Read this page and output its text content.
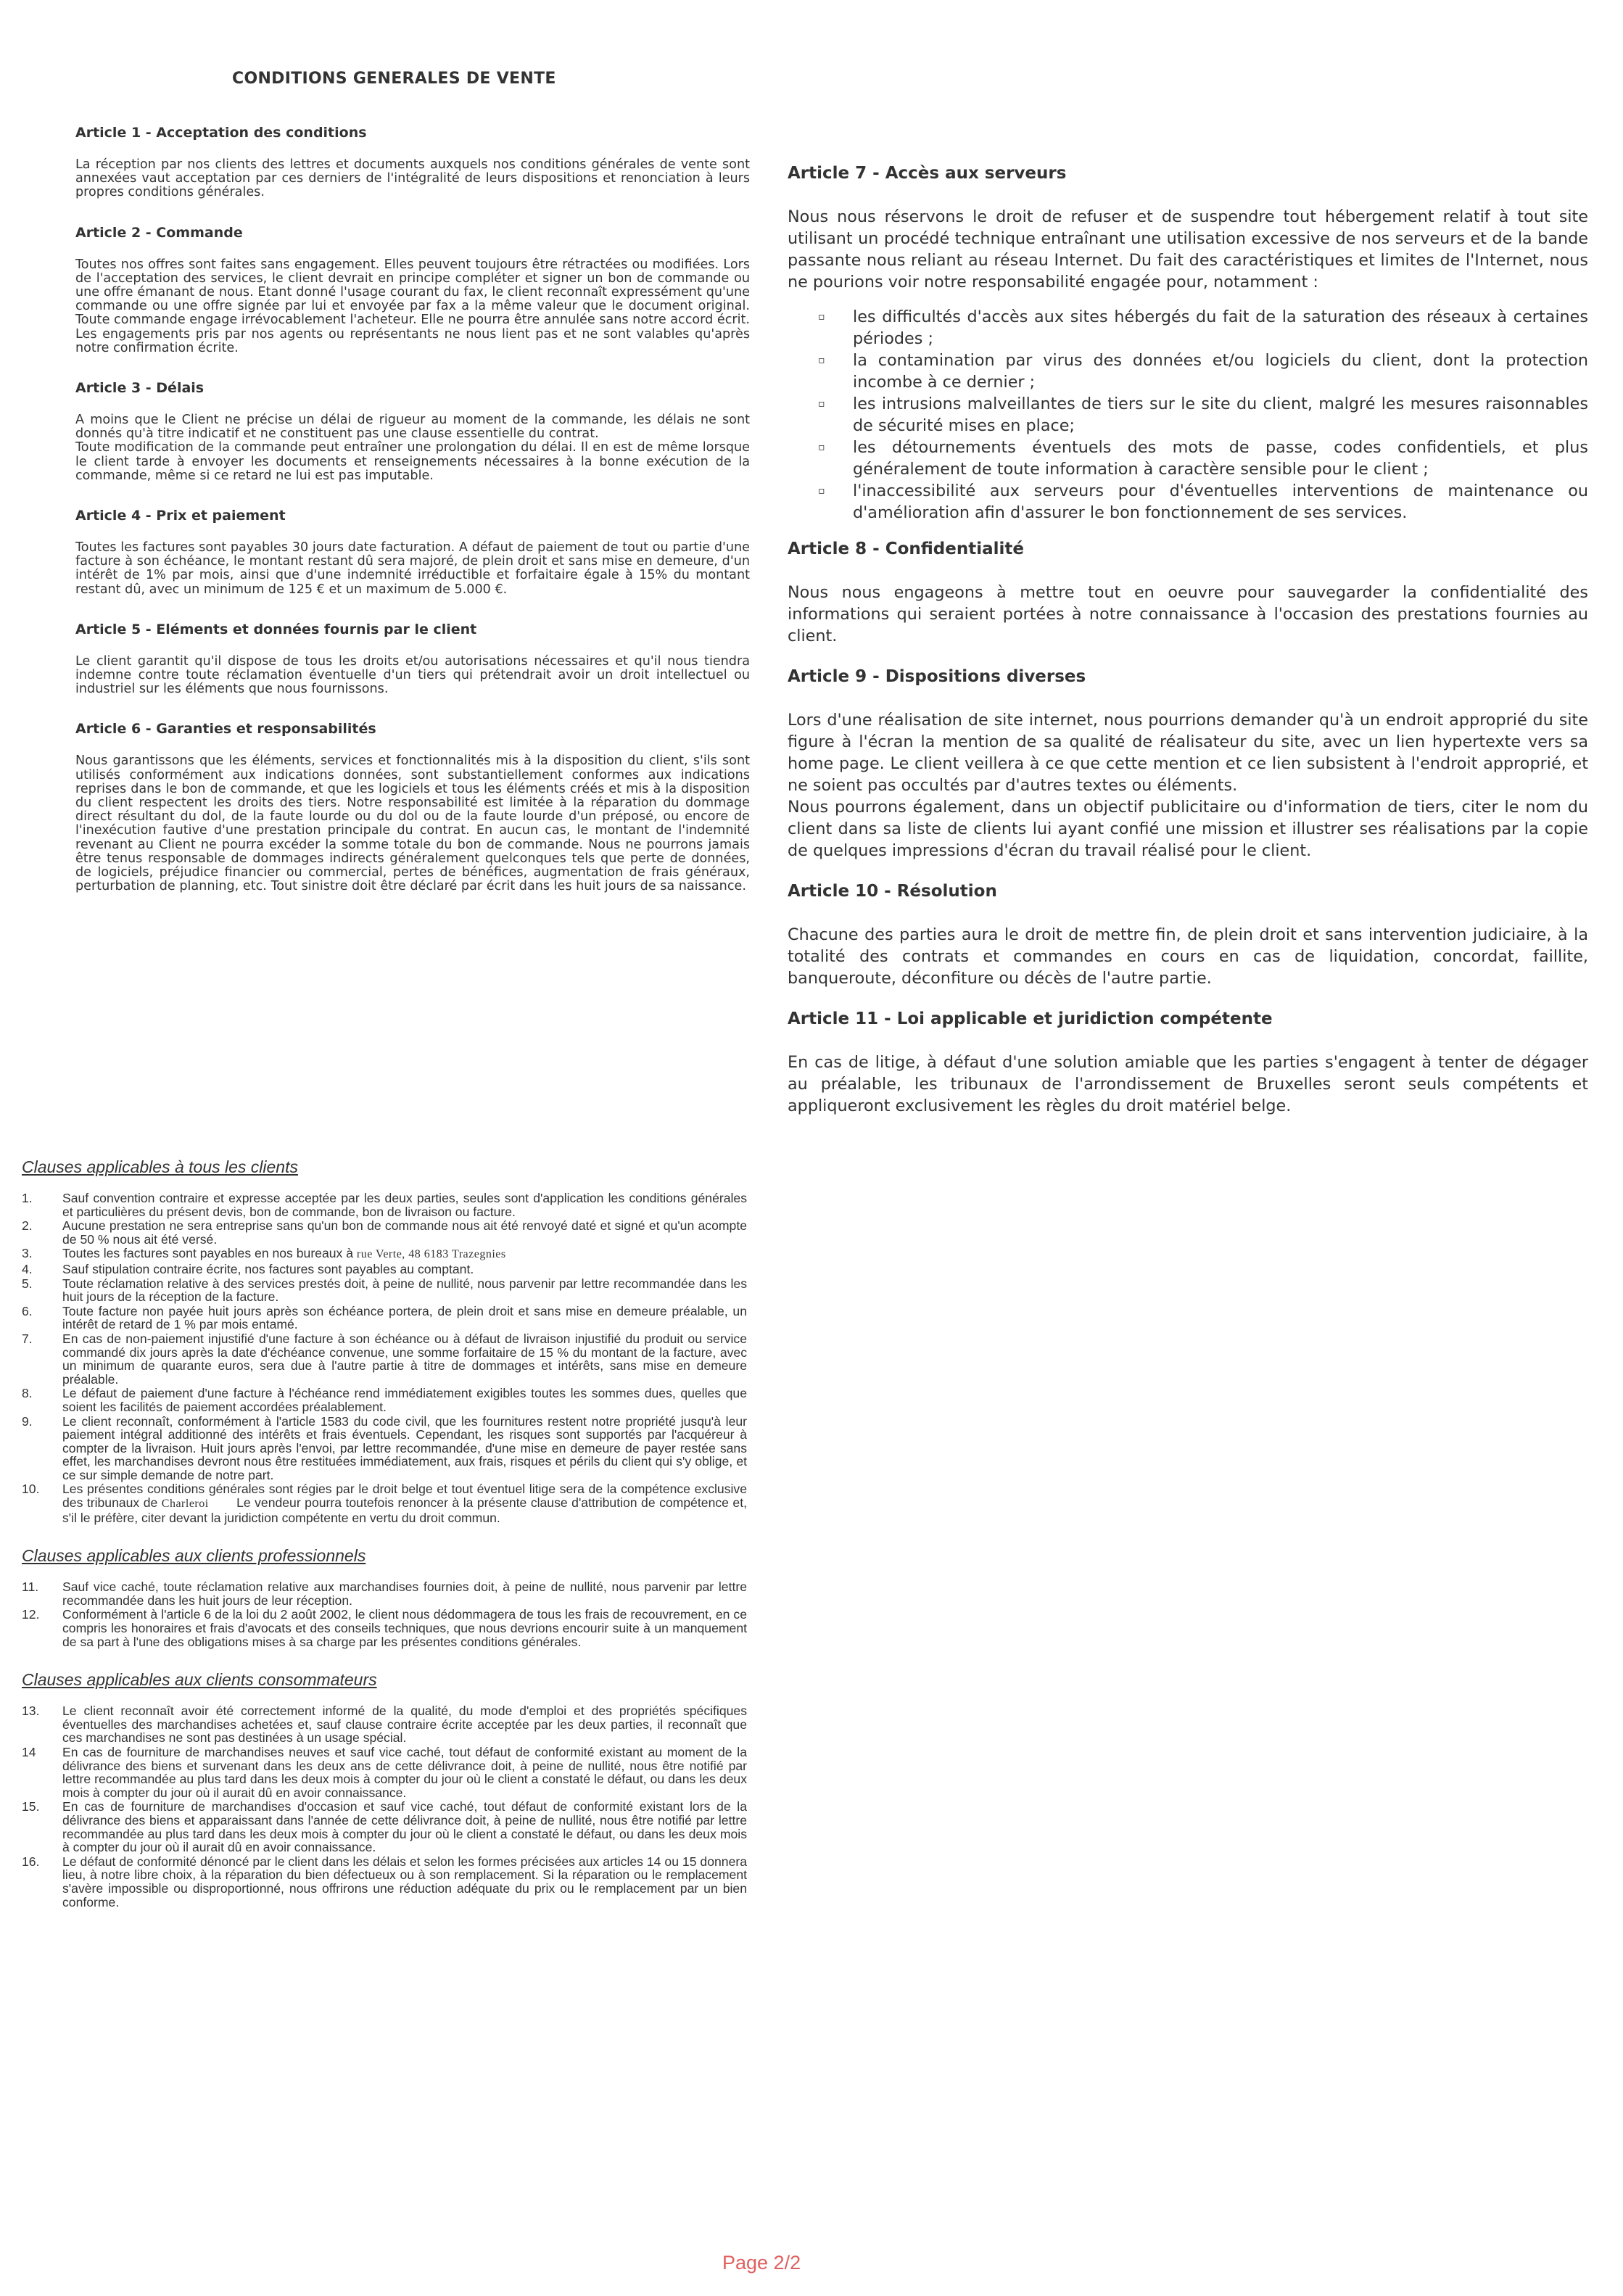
CONDITIONS GENERALES DE VENTE
Article 1 - Acceptation des conditions

La réception par nos clients des lettres et documents auxquels nos conditions générales de vente sont annexées vaut acceptation par ces derniers de l'intégralité de leurs dispositions et renonciation à leurs propres conditions générales.

Article 2 - Commande

Toutes nos offres sont faites sans engagement. Elles peuvent toujours être rétractées ou modifiées. Lors de l'acceptation des services, le client devrait en principe compléter et signer un bon de commande ou une offre émanant de nous. Etant donné l'usage courant du fax, le client reconnaît expressément qu'une commande ou une offre signée par lui et envoyée par fax a la même valeur que le document original. Toute commande engage irrévocablement l'acheteur. Elle ne pourra être annulée sans notre accord écrit. Les engagements pris par nos agents ou représentants ne nous lient pas et ne sont valables qu'après notre confirmation écrite.

Article 3 - Délais

A moins que le Client ne précise un délai de rigueur au moment de la commande, les délais ne sont donnés qu'à titre indicatif et ne constituent pas une clause essentielle du contrat.

Toute modification de la commande peut entraîner une prolongation du délai. Il en est de même lorsque le client tarde à envoyer les documents et renseignements nécessaires à la bonne exécution de la commande, même si ce retard ne lui est pas imputable.

Article 4 - Prix et paiement

Toutes les factures sont payables 30 jours date facturation. A défaut de paiement de tout ou partie d'une facture à son échéance, le montant restant dû sera majoré, de plein droit et sans mise en demeure, d'un intérêt de 1% par mois, ainsi que d'une indemnité irréductible et forfaitaire égale à 15% du montant restant dû, avec un minimum de 125 € et un maximum de 5.000 €.

Article 5 - Eléments et données fournis par le client

Le client garantit qu'il dispose de tous les droits et/ou autorisations nécessaires et qu'il nous tiendra indemne contre toute réclamation éventuelle d'un tiers qui prétendrait avoir un droit intellectuel ou industriel sur les éléments que nous fournissons.

Article 6 - Garanties et responsabilités

Nous garantissons que les éléments, services et fonctionnalités mis à la disposition du client, s'ils sont utilisés conformément aux indications données, sont substantiellement conformes aux indications reprises dans le bon de commande, et que les logiciels et tous les éléments créés et mis à la disposition du client respectent les droits des tiers. Notre responsabilité est limitée à la réparation du dommage direct résultant du dol, de la faute lourde ou du dol ou de la faute lourde d'un préposé, ou encore de l'inexécution fautive d'une prestation principale du contrat. En aucun cas, le montant de l'indemnité revenant au Client ne pourra excéder la somme totale du bon de commande. Nous ne pourrons jamais être tenus responsable de dommages indirects généralement quelconques tels que perte de données, de logiciels, préjudice financier ou commercial, pertes de bénéfices, augmentation de frais généraux, perturbation de planning, etc. Tout sinistre doit être déclaré par écrit dans les huit jours de sa naissance.

Article 7 - Accès aux serveurs

Nous nous réservons le droit de refuser et de suspendre tout hébergement relatif à tout site utilisant un procédé technique entraînant une utilisation excessive de nos serveurs et de la bande passante nous reliant au réseau Internet. Du fait des caractéristiques et limites de l'Internet, nous ne pourions voir notre responsabilité engagée pour, notamment :

▫ les difficultés d'accès aux sites hébergés du fait de la saturation des réseaux à certaines périodes ;
▫ la contamination par virus des données et/ou logiciels du client, dont la protection incombe à ce dernier ;
▫ les intrusions malveillantes de tiers sur le site du client, malgré les mesures raisonnables de sécurité mises en place;
▫ les détournements éventuels des mots de passe, codes confidentiels, et plus généralement de toute information à caractère sensible pour le client ;
▫ l'inaccessibilité aux serveurs pour d'éventuelles interventions de maintenance ou d'amélioration afin d'assurer le bon fonctionnement de ses services.
Article 8 - Confidentialité

Nous nous engageons à mettre tout en oeuvre pour sauvegarder la confidentialité des informations qui seraient portées à notre connaissance à l'occasion des prestations fournies au client.

Article 9 - Dispositions diverses

Lors d'une réalisation de site internet, nous pourrions demander qu'à un endroit approprié du site figure à l'écran la mention de sa qualité de réalisateur du site, avec un lien hypertexte vers sa home page. Le client veillera à ce que cette mention et ce lien subsistent à l'endroit approprié, et ne soient pas occultés par d'autres textes ou éléments.

Nous pourrons également, dans un objectif publicitaire ou d'information de tiers, citer le nom du client dans sa liste de clients lui ayant confié une mission et illustrer ses réalisations par la copie de quelques impressions d'écran du travail réalisé pour le client.

Article 10 - Résolution

Chacune des parties aura le droit de mettre fin, de plein droit et sans intervention judiciaire, à la totalité des contrats et commandes en cours en cas de liquidation, concordat, faillite, banqueroute, déconfiture ou décès de l'autre partie.

Article 11 - Loi applicable et juridiction compétente

En cas de litige, à défaut d'une solution amiable que les parties s'engagent à tenter de dégager au préalable, les tribunaux de l'arrondissement de Bruxelles seront seuls compétents et appliqueront exclusivement les règles du droit matériel belge.

Clauses applicables à tous les clients
1. Sauf convention contraire et expresse acceptée par les deux parties, seules sont d'application les conditions générales et particulières du présent devis, bon de commande, bon de livraison ou facture.
2. Aucune prestation ne sera entreprise sans qu'un bon de commande nous ait été renvoyé daté et signé et qu'un acompte de 50 % nous ait été versé.
3. Toutes les factures sont payables en nos bureaux à rue Verte, 48 6183 Trazegnies
4. Sauf stipulation contraire écrite, nos factures sont payables au comptant.
5. Toute réclamation relative à des services prestés doit, à peine de nullité, nous parvenir par lettre recommandée dans les huit jours de la réception de la facture.
6. Toute facture non payée huit jours après son échéance portera, de plein droit et sans mise en demeure préalable, un intérêt de retard de 1 % par mois entamé.
7. En cas de non-paiement injustifié d'une facture à son échéance ou à défaut de livraison injustifié du produit ou service commandé dix jours après la date d'échéance convenue, une somme forfaitaire de 15 % du montant de la facture, avec un minimum de quarante euros, sera due à l'autre partie à titre de dommages et intérêts, sans mise en demeure préalable.
8. Le défaut de paiement d'une facture à l'échéance rend immédiatement exigibles toutes les sommes dues, quelles que soient les facilités de paiement accordées préalablement.
9. Le client reconnaît, conformément à l'article 1583 du code civil, que les fournitures restent notre propriété jusqu'à leur paiement intégral additionné des intérêts et frais éventuels. Cependant, les risques sont supportés par l'acquéreur à compter de la livraison. Huit jours après l'envoi, par lettre recommandée, d'une mise en demeure de payer restée sans effet, les marchandises devront nous être restituées immédiatement, aux frais, risques et périls du client qui s'y oblige, et ce sur simple demande de notre part.
10. Les présentes conditions générales sont régies par le droit belge et tout éventuel litige sera de la compétence exclusive des tribunaux de Charleroi Le vendeur pourra toutefois renoncer à la présente clause d'attribution de compétence et, s'il le préfère, citer devant la juridiction compétente en vertu du droit commun.
Clauses applicables aux clients professionnels
11. Sauf vice caché, toute réclamation relative aux marchandises fournies doit, à peine de nullité, nous parvenir par lettre recommandée dans les huit jours de leur réception.
12. Conformément à l'article 6 de la loi du 2 août 2002, le client nous dédommagera de tous les frais de recouvrement, en ce compris les honoraires et frais d'avocats et des conseils techniques, que nous devrions encourir suite à un manquement de sa part à l'une des obligations mises à sa charge par les présentes conditions générales.
Clauses applicables aux clients consommateurs
13. Le client reconnaît avoir été correctement informé de la qualité, du mode d'emploi et des propriétés spécifiques éventuelles des marchandises achetées et, sauf clause contraire écrite acceptée par les deux parties, il reconnaît que ces marchandises ne sont pas destinées à un usage spécial.
14 En cas de fourniture de marchandises neuves et sauf vice caché, tout défaut de conformité existant au moment de la délivrance des biens et survenant dans les deux ans de cette délivrance doit, à peine de nullité, nous être notifié par lettre recommandée au plus tard dans les deux mois à compter du jour où le client a constaté le défaut, ou dans les deux mois à compter du jour où il aurait dû en avoir connaissance.
15. En cas de fourniture de marchandises d'occasion et sauf vice caché, tout défaut de conformité existant lors de la délivrance des biens et apparaissant dans l'année de cette délivrance doit, à peine de nullité, nous être notifié par lettre recommandée au plus tard dans les deux mois à compter du jour où le client a constaté le défaut, ou dans les deux mois à compter du jour où il aurait dû en avoir connaissance.
16. Le défaut de conformité dénoncé par le client dans les délais et selon les formes précisées aux articles 14 ou 15 donnera lieu, à notre libre choix, à la réparation du bien défectueux ou à son remplacement. Si la réparation ou le remplacement s'avère impossible ou disproportionné, nous offrirons une réduction adéquate du prix ou le remplacement par un bien conforme.
Page 2/2
